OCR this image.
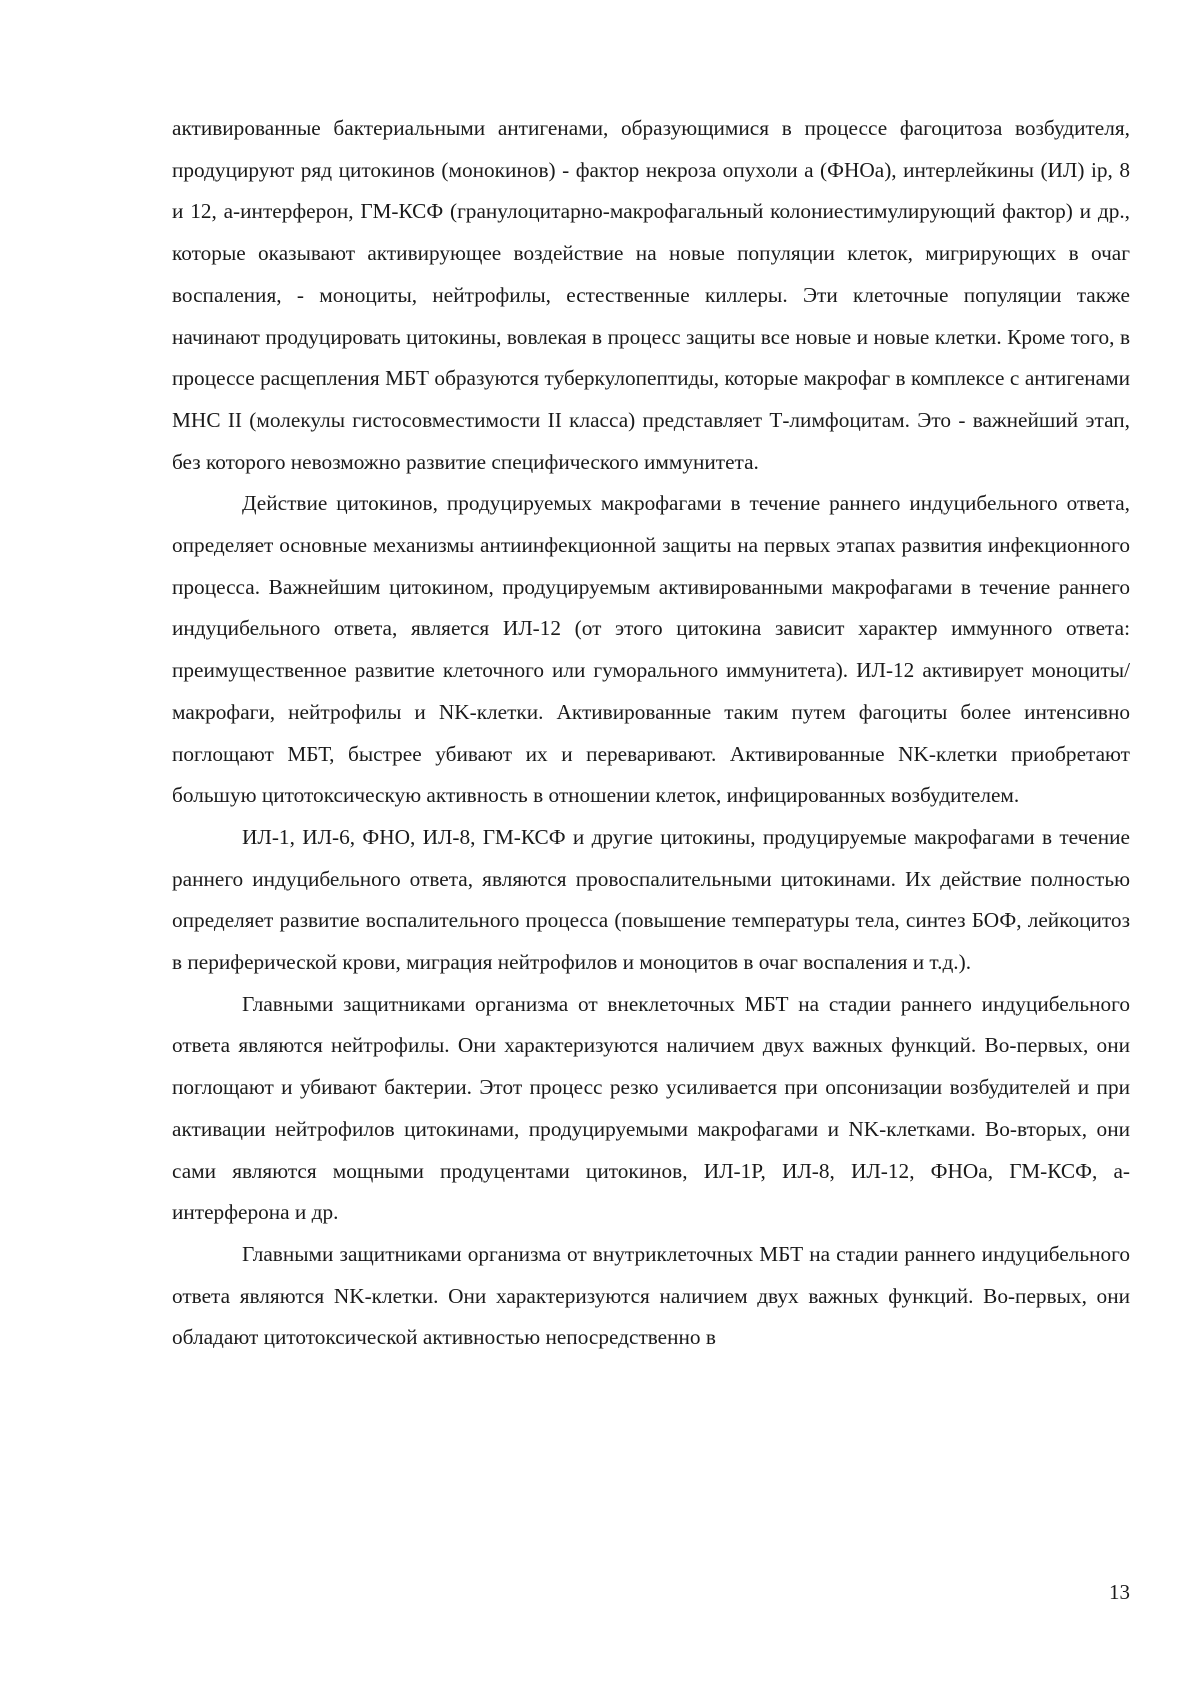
активированные бактериальными антигенами, образующимися в процессе фагоцитоза возбудителя, продуцируют ряд цитокинов (монокинов) - фактор некроза опухоли а (ФНОа), интерлейкины (ИЛ) ip, 8 и 12, а-интерферон, ГМ-КСФ (гранулоцитарно-макрофагальный колониестимулирующий фактор) и др., которые оказывают активирующее воздействие на новые популяции клеток, мигрирующих в очаг воспаления, - моноциты, нейтрофилы, естественные киллеры. Эти клеточные популяции также начинают продуцировать цитокины, вовлекая в процесс защиты все новые и новые клетки. Кроме того, в процессе расщепления МБТ образуются туберкулопептиды, которые макрофаг в комплексе с антигенами MHC II (молекулы гистосовместимости II класса) представляет Т-лимфоцитам. Это - важнейший этап, без которого невозможно развитие специфического иммунитета.

Действие цитокинов, продуцируемых макрофагами в течение раннего индуцибельного ответа, определяет основные механизмы антиинфекционной защиты на первых этапах развития инфекционного процесса. Важнейшим цитокином, продуцируемым активированными макрофагами в течение раннего индуцибельного ответа, является ИЛ-12 (от этого цитокина зависит характер иммунного ответа: преимущественное развитие клеточного или гуморального иммунитета). ИЛ-12 активирует моноциты/макрофаги, нейтрофилы и NK-клетки. Активированные таким путем фагоциты более интенсивно поглощают МБТ, быстрее убивают их и переваривают. Активированные NK-клетки приобретают большую цитотоксическую активность в отношении клеток, инфицированных возбудителем.

ИЛ-1, ИЛ-6, ФНО, ИЛ-8, ГМ-КСФ и другие цитокины, продуцируемые макрофагами в течение раннего индуцибельного ответа, являются провоспалительными цитокинами. Их действие полностью определяет развитие воспалительного процесса (повышение температуры тела, синтез БОФ, лейкоцитоз в периферической крови, миграция нейтрофилов и моноцитов в очаг воспаления и т.д.).

Главными защитниками организма от внеклеточных МБТ на стадии раннего индуцибельного ответа являются нейтрофилы. Они характеризуются наличием двух важных функций. Во-первых, они поглощают и убивают бактерии. Этот процесс резко усиливается при опсонизации возбудителей и при активации нейтрофилов цитокинами, продуцируемыми макрофагами и NK-клетками. Во-вторых, они сами являются мощными продуцентами цитокинов, ИЛ-1Р, ИЛ-8, ИЛ-12, ФНОа, ГМ-КСФ, а-интерферона и др.

Главными защитниками организма от внутриклеточных МБТ на стадии раннего индуцибельного ответа являются NK-клетки. Они характеризуются наличием двух важных функций. Во-первых, они обладают цитотоксической активностью непосредственно в

13
